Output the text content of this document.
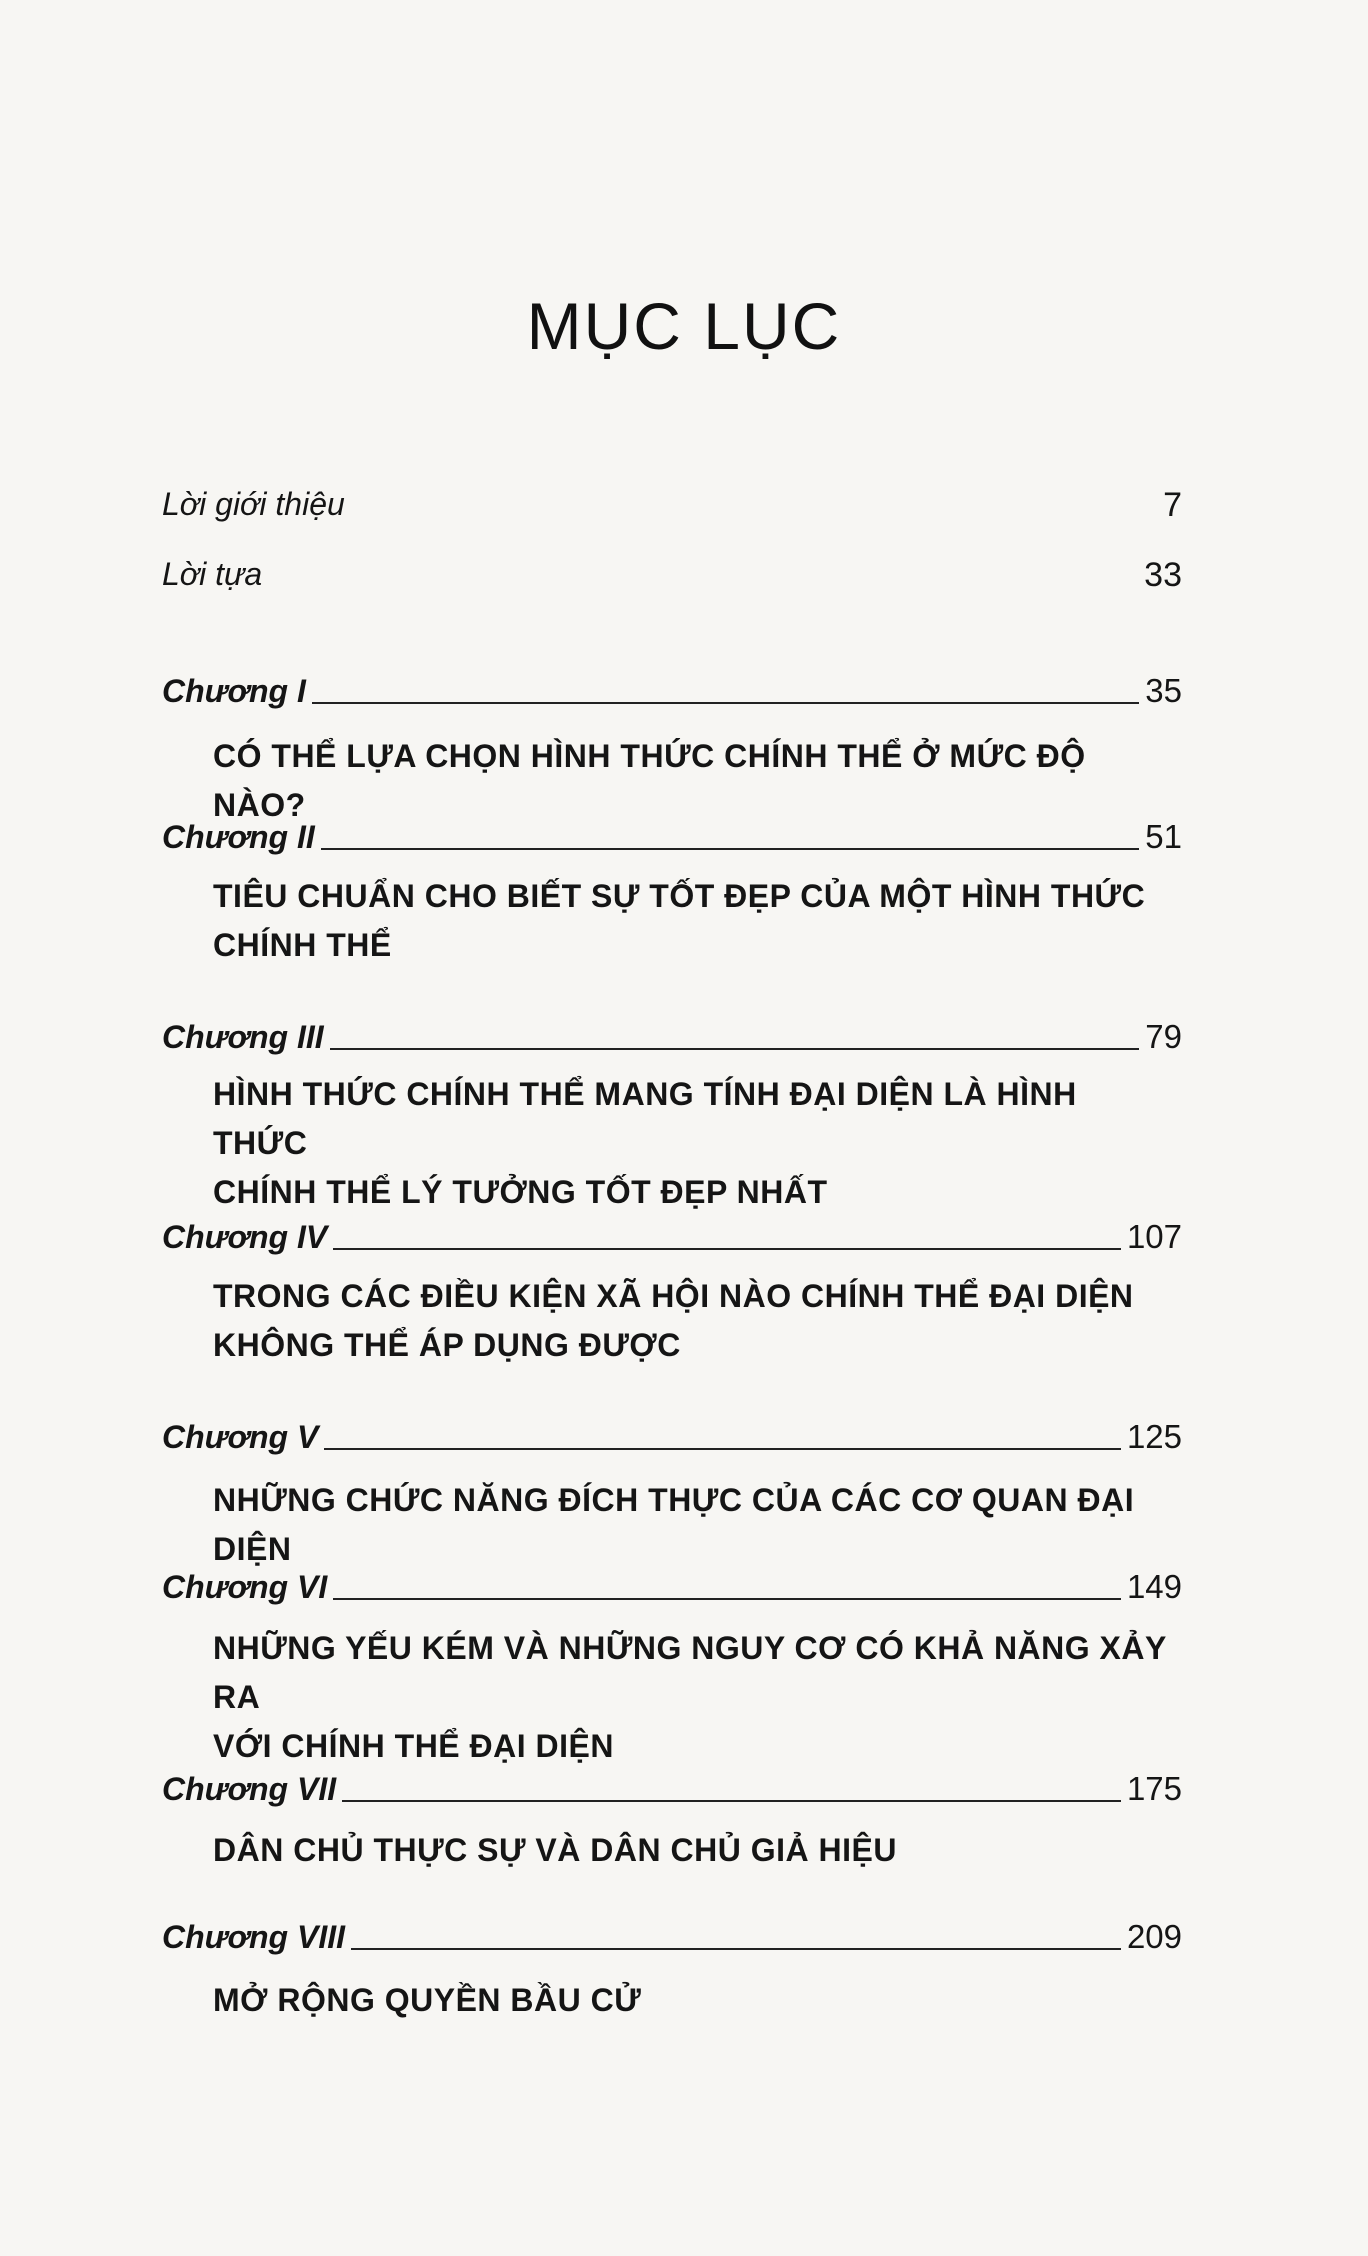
MỤC LỤC
Lời giới thiệu	7
Lời tựa	33
Chương I	35
CÓ THỂ LỰA CHỌN HÌNH THỨC CHÍNH THỂ Ở MỨC ĐỘ NÀO?
Chương II	51
TIÊU CHUẨN CHO BIẾT SỰ TỐT ĐẸP CỦA MỘT HÌNH THỨC
CHÍNH THỂ
Chương III	79
HÌNH THỨC CHÍNH THỂ MANG TÍNH ĐẠI DIỆN LÀ HÌNH THỨC
CHÍNH THỂ LÝ TƯỞNG TỐT ĐẸP NHẤT
Chương IV	107
TRONG CÁC ĐIỀU KIỆN XÃ HỘI NÀO CHÍNH THỂ ĐẠI DIỆN
KHÔNG THỂ ÁP DỤNG ĐƯỢC
Chương V	125
NHỮNG CHỨC NĂNG ĐÍCH THỰC CỦA CÁC CƠ QUAN ĐẠI DIỆN
Chương VI	149
NHỮNG YẾU KÉM VÀ NHỮNG NGUY CƠ CÓ KHẢ NĂNG XẢY RA
VỚI CHÍNH THỂ ĐẠI DIỆN
Chương VII	175
DÂN CHỦ THỰC SỰ VÀ DÂN CHỦ GIẢ HIỆU
Chương VIII	209
MỞ RỘNG QUYỀN BẦU CỬ
